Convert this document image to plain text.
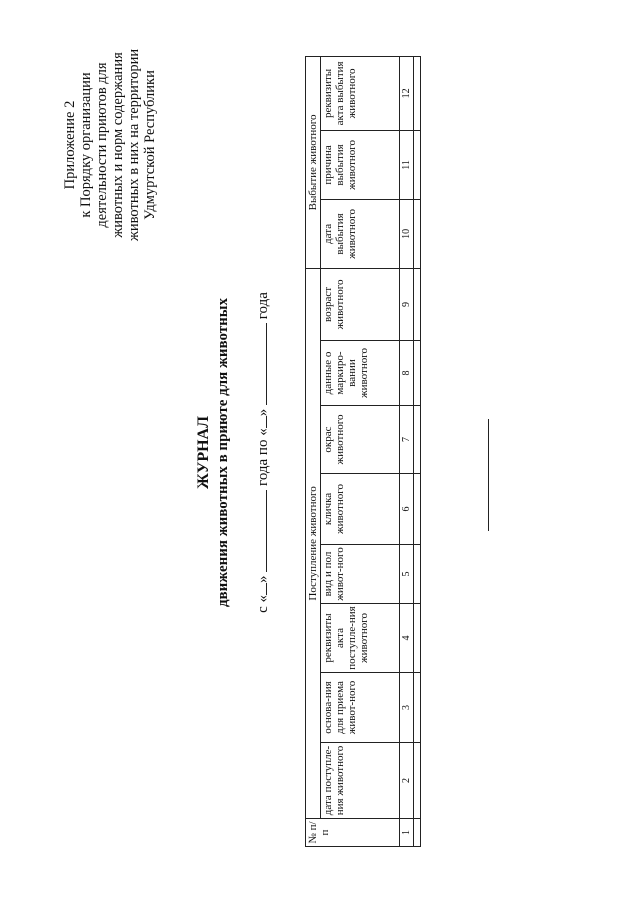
Приложение 2 к Порядку организации деятельности приютов для животных и норм содержания животных в них на территории Удмуртской Республики
ЖУРНАЛ движения животных в приюте для животных с «»  года по «»  года
№ п/п	Поступление животного								Выбытие животного		
	дата поступле-ния животного	основа-ния для приема живот-ного	реквизиты акта поступле-ния животного	вид и пол живот-ного	кличка животного	окрас животного	данные о маркиро-вании животного	возраст животного	дата выбытия животного	причина выбытия животного	реквизиты акта выбытия животного
1	2	3	4	5	6	7	8	9	10	11	12
